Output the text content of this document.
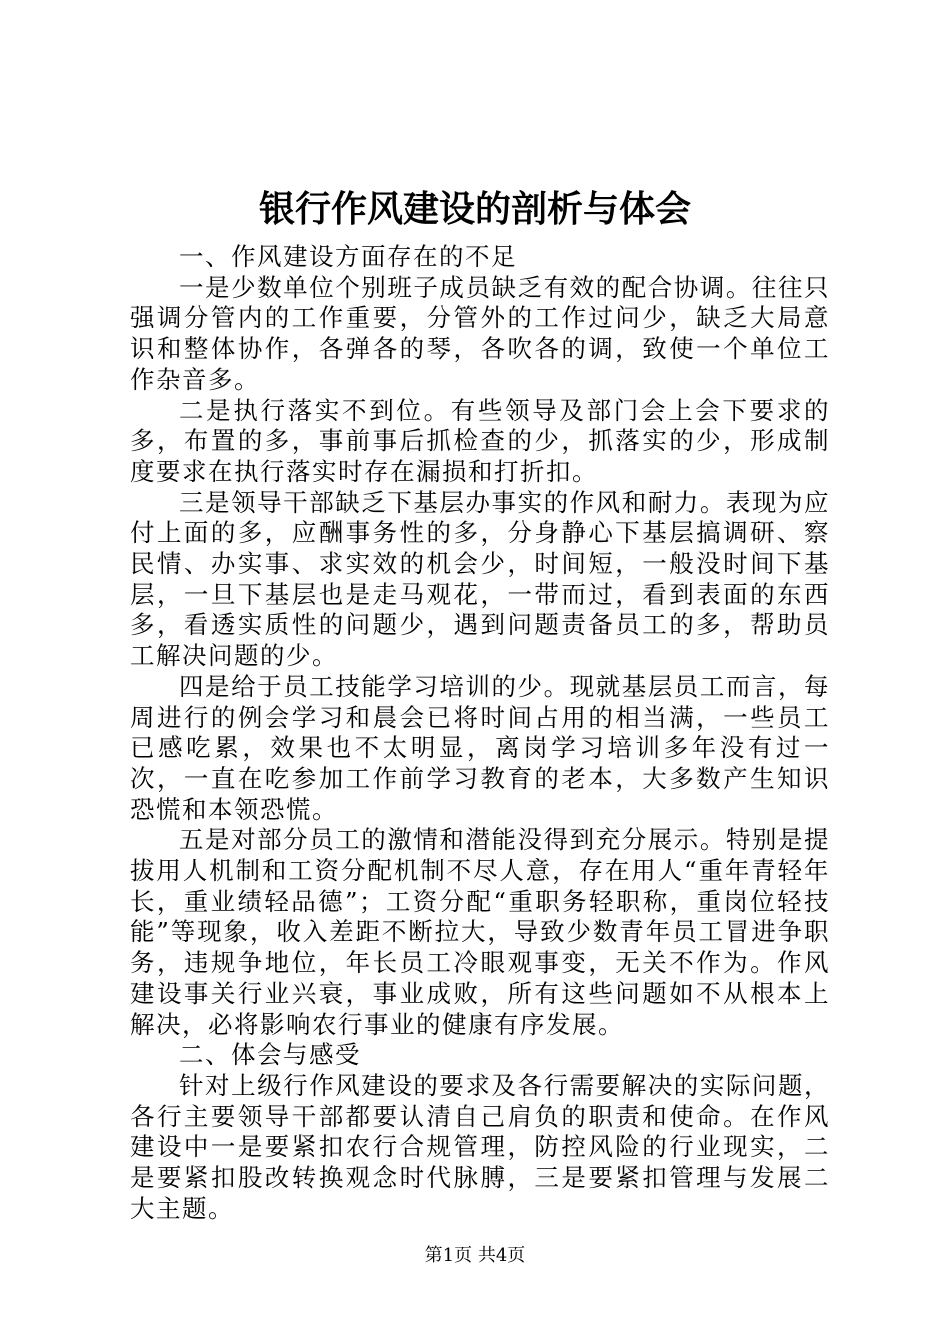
银行作风建设的剖析与体会

一、作风建设方面存在的不足

一是少数单位个别班子成员缺乏有效的配合协调。往往只强调分管内的工作重要，分管外的工作过问少，缺乏大局意识和整体协作，各弹各的琴，各吹各的调，致使一个单位工作杂音多。

二是执行落实不到位。有些领导及部门会上会下要求的多，布置的多，事前事后抓检查的少，抓落实的少，形成制度要求在执行落实时存在漏损和打折扣。

三是领导干部缺乏下基层办事实的作风和耐力。表现为应付上面的多，应酬事务性的多，分身静心下基层搞调研、察民情、办实事、求实效的机会少，时间短，一般没时间下基层，一旦下基层也是走马观花，一带而过，看到表面的东西多，看透实质性的问题少，遇到问题责备员工的多，帮助员工解决问题的少。

四是给于员工技能学习培训的少。现就基层员工而言，每周进行的例会学习和晨会已将时间占用的相当满，一些员工已感吃累，效果也不太明显，离岗学习培训多年没有过一次，一直在吃参加工作前学习教育的老本，大多数产生知识恐慌和本领恐慌。

五是对部分员工的激情和潜能没得到充分展示。特别是提拔用人机制和工资分配机制不尽人意，存在用人“重年青轻年长，重业绩轻品德”；工资分配“重职务轻职称，重岗位轻技能”等现象，收入差距不断拉大，导致少数青年员工冒进争职务，违规争地位，年长员工冷眼观事变，无关不作为。作风建设事关行业兴衰，事业成败，所有这些问题如不从根本上解决，必将影响农行事业的健康有序发展。

二、体会与感受

针对上级行作风建设的要求及各行需要解决的实际问题，各行主要领导干部都要认清自己肩负的职责和使命。在作风建设中一是要紧扣农行合规管理，防控风险的行业现实，二是要紧扣股改转换观念时代脉膊，三是要紧扣管理与发展二大主题。

第1页 共4页
